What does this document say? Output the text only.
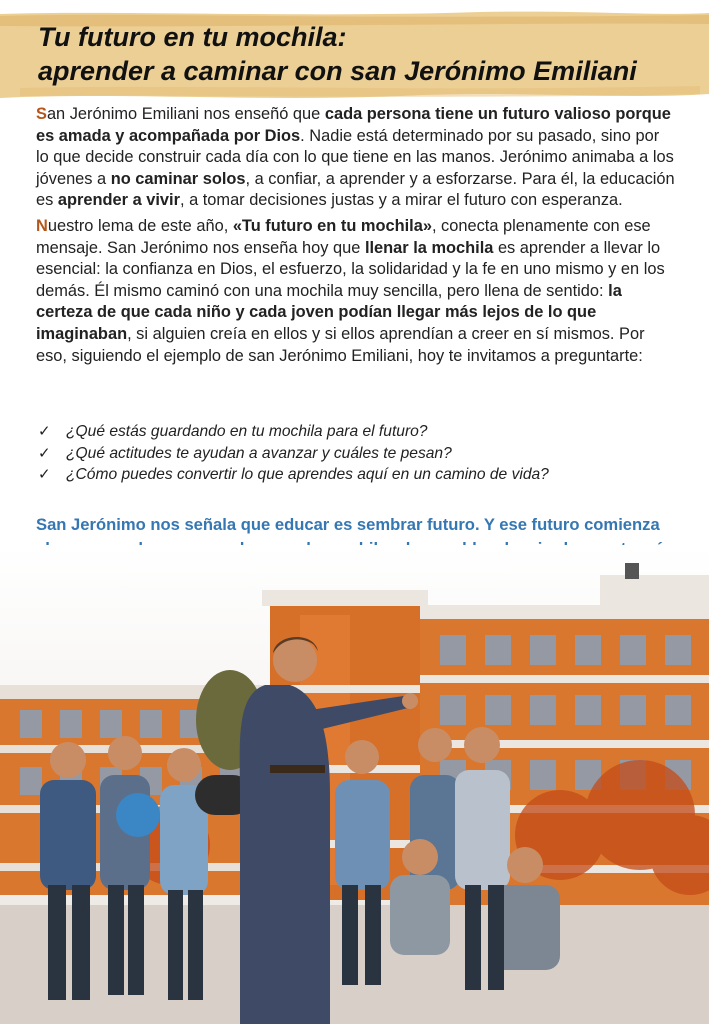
Tu futuro en tu mochila:
aprender a caminar con san Jerónimo Emiliani

San Jerónimo Emiliani nos enseñó que cada persona tiene un futuro valioso porque es amada y acompañada por Dios. Nadie está determinado por su pasado, sino por lo que decide construir cada día con lo que tiene en las manos. Jerónimo animaba a los jóvenes a no caminar solos, a confiar, a aprender y a esforzarse. Para él, la educación es aprender a vivir, a tomar decisiones justas y a mirar el futuro con esperanza.

Nuestro lema de este año, «Tu futuro en tu mochila», conecta plenamente con ese mensaje. San Jerónimo nos enseña hoy que llenar la mochila es aprender a llevar lo esencial: la confianza en Dios, el esfuerzo, la solidaridad y la fe en uno mismo y en los demás. Él mismo caminó con una mochila muy sencilla, pero llena de sentido: la certeza de que cada niño y cada joven podían llegar más lejos de lo que imaginaban, si alguien creía en ellos y si ellos aprendían a creer en sí mismos. Por eso, siguiendo el ejemplo de san Jerónimo Emiliani, hoy te invitamos a preguntarte:

✓ ¿Qué estás guardando en tu mochila para el futuro?
✓ ¿Qué actitudes te ayudan a avanzar y cuáles te pesan?
✓ ¿Cómo puedes convertir lo que aprendes aquí en un camino de vida?
San Jerónimo nos señala que educar es sembrar futuro. Y ese futuro comienza
